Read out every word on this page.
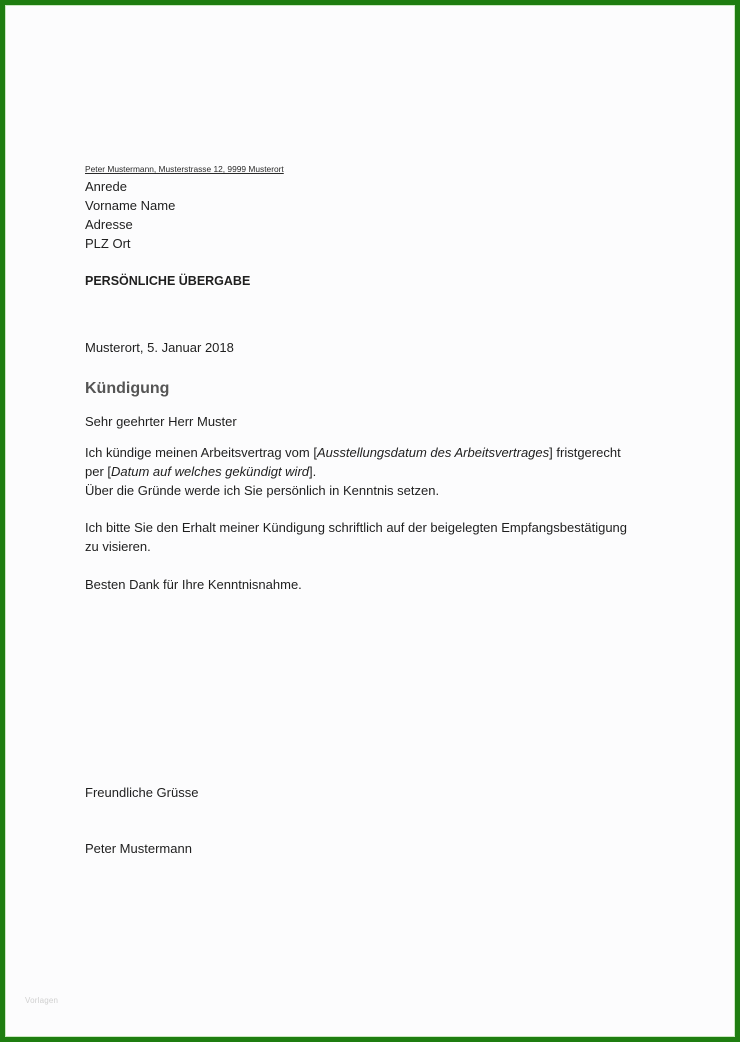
Peter Mustermann, Musterstrasse 12, 9999 Musterort
Anrede
Vorname Name
Adresse
PLZ Ort
PERSÖNLICHE ÜBERGABE
Musterort, 5. Januar 2018
Kündigung
Sehr geehrter Herr Muster
Ich kündige meinen Arbeitsvertrag vom [Ausstellungsdatum des Arbeitsvertrages] fristgerecht
per [Datum auf welches gekündigt wird].
Über die Gründe werde ich Sie persönlich in Kenntnis setzen.
Ich bitte Sie den Erhalt meiner Kündigung schriftlich auf der beigelegten Empfangsbestätigung
zu visieren.
Besten Dank für Ihre Kenntnisnahme.
Freundliche Grüsse
Peter Mustermann
Vorlagen
